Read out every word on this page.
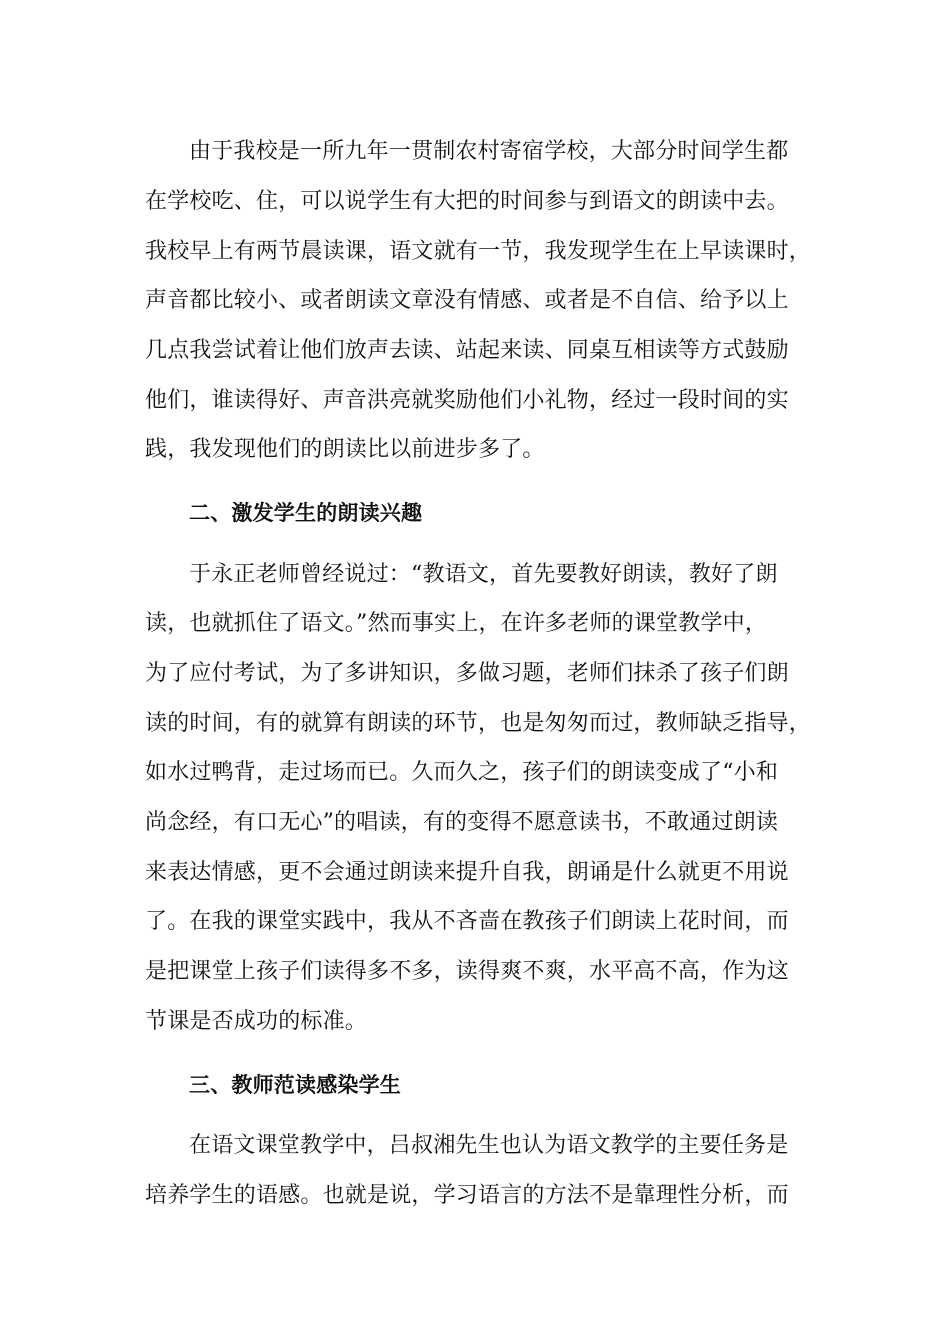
由于我校是一所九年一贯制农村寄宿学校，大部分时间学生都
在学校吃、住，可以说学生有大把的时间参与到语文的朗读中去。
我校早上有两节晨读课，语文就有一节，我发现学生在上早读课时，
声音都比较小、或者朗读文章没有情感、或者是不自信、给予以上
几点我尝试着让他们放声去读、站起来读、同桌互相读等方式鼓励
他们，谁读得好、声音洪亮就奖励他们小礼物，经过一段时间的实
践，我发现他们的朗读比以前进步多了。
二、激发学生的朗读兴趣
于永正老师曾经说过：“教语文，首先要教好朗读，教好了朗
读，也就抓住了语文。”然而事实上，在许多老师的课堂教学中，
为了应付考试，为了多讲知识，多做习题，老师们抹杀了孩子们朗
读的时间，有的就算有朗读的环节，也是匆匆而过，教师缺乏指导，
如水过鸭背，走过场而已。久而久之，孩子们的朗读变成了“小和
尚念经，有口无心”的唱读，有的变得不愿意读书，不敢通过朗读
来表达情感，更不会通过朗读来提升自我，朗诵是什么就更不用说
了。在我的课堂实践中，我从不吝啬在教孩子们朗读上花时间，而
是把课堂上孩子们读得多不多，读得爽不爽，水平高不高，作为这
节课是否成功的标准。
三、教师范读感染学生
在语文课堂教学中，吕叔湘先生也认为语文教学的主要任务是
培养学生的语感。也就是说，学习语言的方法不是靠理性分析，而
